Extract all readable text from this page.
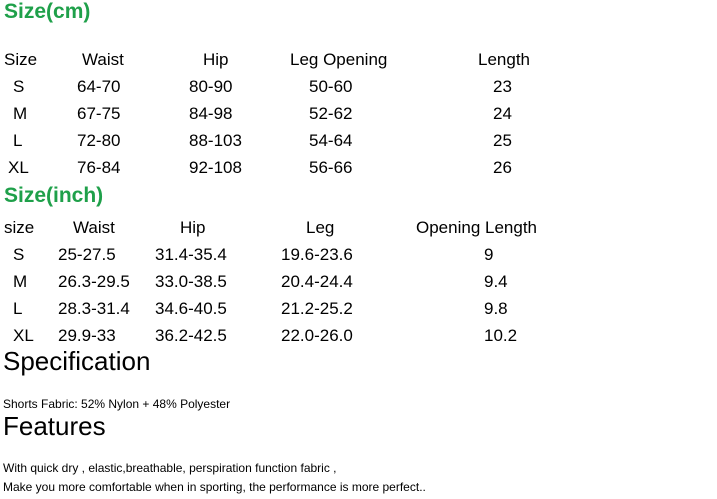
Size(cm)
Size	Waist	Hip	Leg Opening	Length
S	64-70	80-90	50-60	23
M	67-75	84-98	52-62	24
L	72-80	88-103	54-64	25
XL	76-84	92-108	56-66	26
Size(inch)
size Waist	Hip	Leg	Opening Length
S 25-27.5 31.4-35.4	19.6-23.6	9
M 26.3-29.5 33.0-38.5	20.4-24.4	9.4
L 28.3-31.4 34.6-40.5	21.2-25.2	9.8
XL 29.9-33 36.2-42.5	22.0-26.0	10.2
Specification
Shorts Fabric: 52% Nylon + 48% Polyester
Features
With quick dry , elastic,breathable, perspiration function fabric ,
Make you more comfortable when in sporting, the performance is more perfect..
